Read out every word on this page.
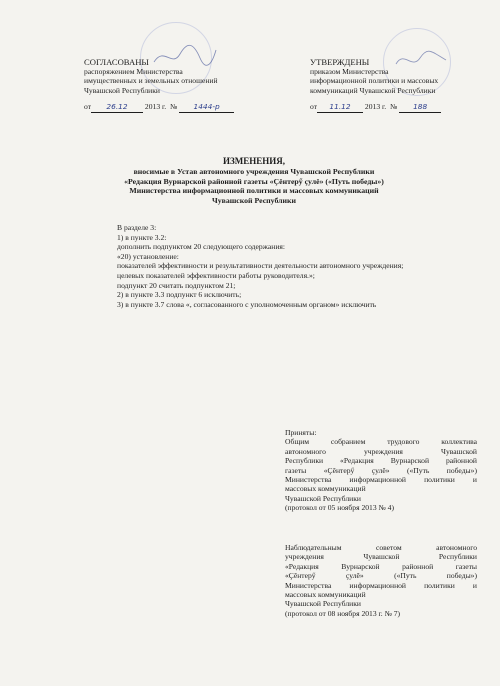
СОГЛАСОВАНЫ
распоряжением Министерства
имущественных и земельных отношений
Чувашской Республики
от 26.12 2013 г. № 1444-р
УТВЕРЖДЕНЫ
приказом Министерства
информационной политики и массовых
коммуникаций Чувашской Республики
от 11.12 2013 г. № 188
ИЗМЕНЕНИЯ,
вносимые в Устав автономного учреждения Чувашской Республики
«Редакция Вурнарской районной газеты «Ҫĕнтерӳ ҫулĕ» («Путь победы»)
Министерства информационной политики и массовых коммуникаций
Чувашской Республики
В разделе 3:
1) в пункте 3.2:
дополнить подпунктом 20 следующего содержания:
«20) установление:
показателей эффективности и результативности деятельности автономного учреждения;
целевых показателей эффективности работы руководителя.»;
подпункт 20 считать подпунктом 21;
2) в пункте 3.3 подпункт 6 исключить;
3) в пункте 3.7 слова «, согласованного с уполномоченным органом» исключить
Приняты:
Общим собранием трудового коллектива
автономного учреждения Чувашской
Республики «Редакция Вурнарской районной
газеты «Ҫĕнтерӳ ҫулĕ» («Путь победы»)
Министерства информационной политики и
массовых коммуникаций
Чувашской Республики
(протокол от 05 ноября 2013 № 4)
Наблюдательным советом автономного
учреждения Чувашской Республики
«Редакция Вурнарской районной газеты
«Ҫĕнтерӳ ҫулĕ» («Путь победы»)
Министерства информационной политики и
массовых коммуникаций
Чувашской Республики
(протокол от 08 ноября 2013 г. № 7)
